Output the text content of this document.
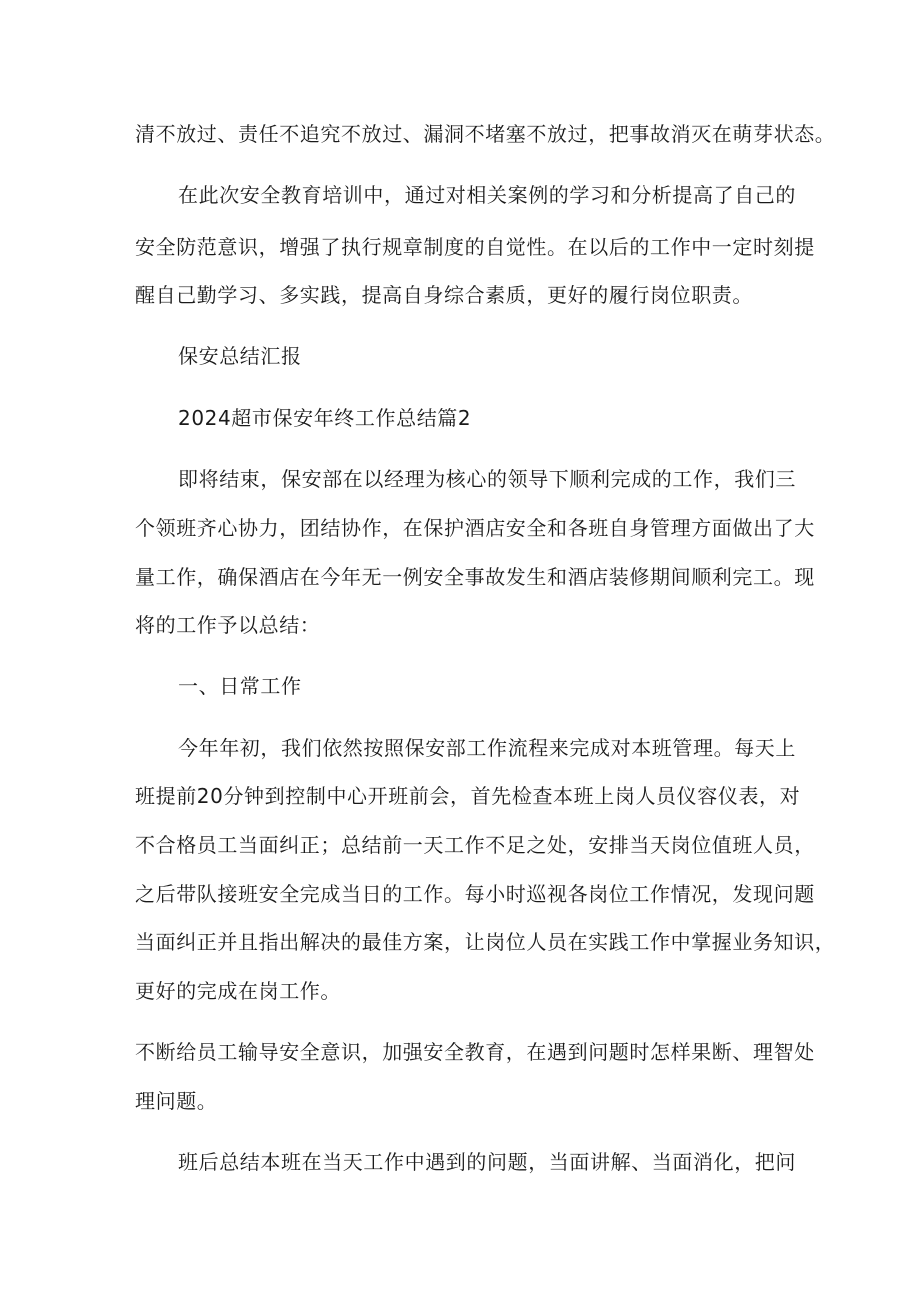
清不放过、责任不追究不放过、漏洞不堵塞不放过，把事故消灭在萌芽状态。
在此次安全教育培训中，通过对相关案例的学习和分析提高了自己的
安全防范意识，增强了执行规章制度的自觉性。在以后的工作中一定时刻提
醒自己勤学习、多实践，提高自身综合素质，更好的履行岗位职责。
保安总结汇报
2024超市保安年终工作总结篇2
即将结束，保安部在以经理为核心的领导下顺利完成的工作，我们三
个领班齐心协力，团结协作，在保护酒店安全和各班自身管理方面做出了大
量工作，确保酒店在今年无一例安全事故发生和酒店装修期间顺利完工。现
将的工作予以总结：
一、日常工作
今年年初，我们依然按照保安部工作流程来完成对本班管理。每天上
班提前20分钟到控制中心开班前会，首先检查本班上岗人员仪容仪表，对
不合格员工当面纠正；总结前一天工作不足之处，安排当天岗位值班人员，
之后带队接班安全完成当日的工作。每小时巡视各岗位工作情况，发现问题
当面纠正并且指出解决的最佳方案，让岗位人员在实践工作中掌握业务知识，
更好的完成在岗工作。
不断给员工输导安全意识，加强安全教育，在遇到问题时怎样果断、理智处
理问题。
班后总结本班在当天工作中遇到的问题，当面讲解、当面消化，把问
